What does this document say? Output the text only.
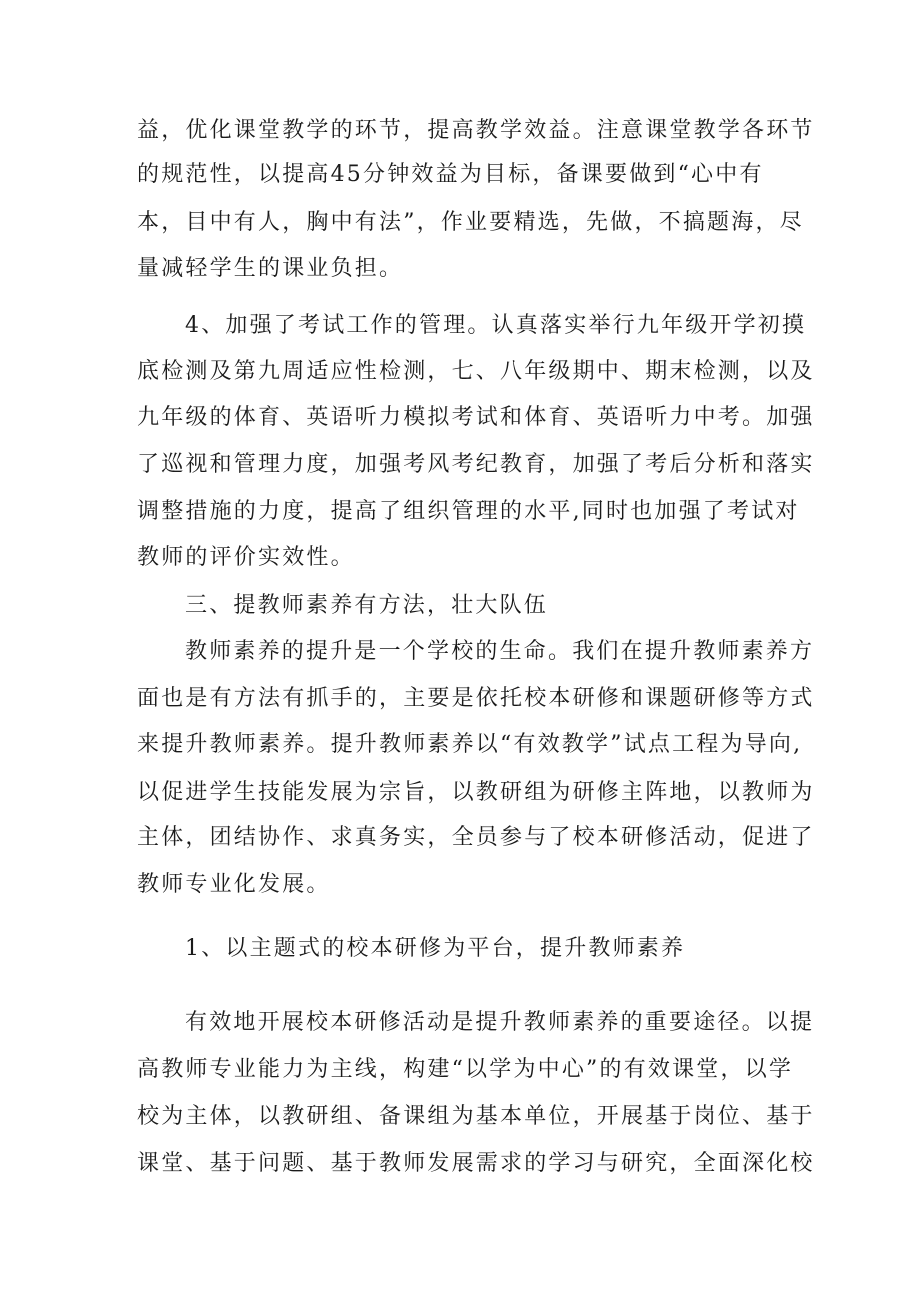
益，优化课堂教学的环节，提高教学效益。注意课堂教学各环节
的规范性，以提高45分钟效益为目标，备课要做到“心中有
本，目中有人，胸中有法”，作业要精选，先做，不搞题海，尽
量减轻学生的课业负担。
4、加强了考试工作的管理。认真落实举行九年级开学初摸
底检测及第九周适应性检测，七、八年级期中、期末检测，以及
九年级的体育、英语听力模拟考试和体育、英语听力中考。加强
了巡视和管理力度，加强考风考纪教育，加强了考后分析和落实
调整措施的力度，提高了组织管理的水平,同时也加强了考试对
教师的评价实效性。
三、提教师素养有方法，壮大队伍
教师素养的提升是一个学校的生命。我们在提升教师素养方
面也是有方法有抓手的，主要是依托校本研修和课题研修等方式
来提升教师素养。提升教师素养以“有效教学”试点工程为导向,
以促进学生技能发展为宗旨，以教研组为研修主阵地，以教师为
主体，团结协作、求真务实，全员参与了校本研修活动，促进了
教师专业化发展。
1、以主题式的校本研修为平台，提升教师素养
有效地开展校本研修活动是提升教师素养的重要途径。以提
高教师专业能力为主线，构建“以学为中心”的有效课堂，以学
校为主体，以教研组、备课组为基本单位，开展基于岗位、基于
课堂、基于问题、基于教师发展需求的学习与研究，全面深化校
